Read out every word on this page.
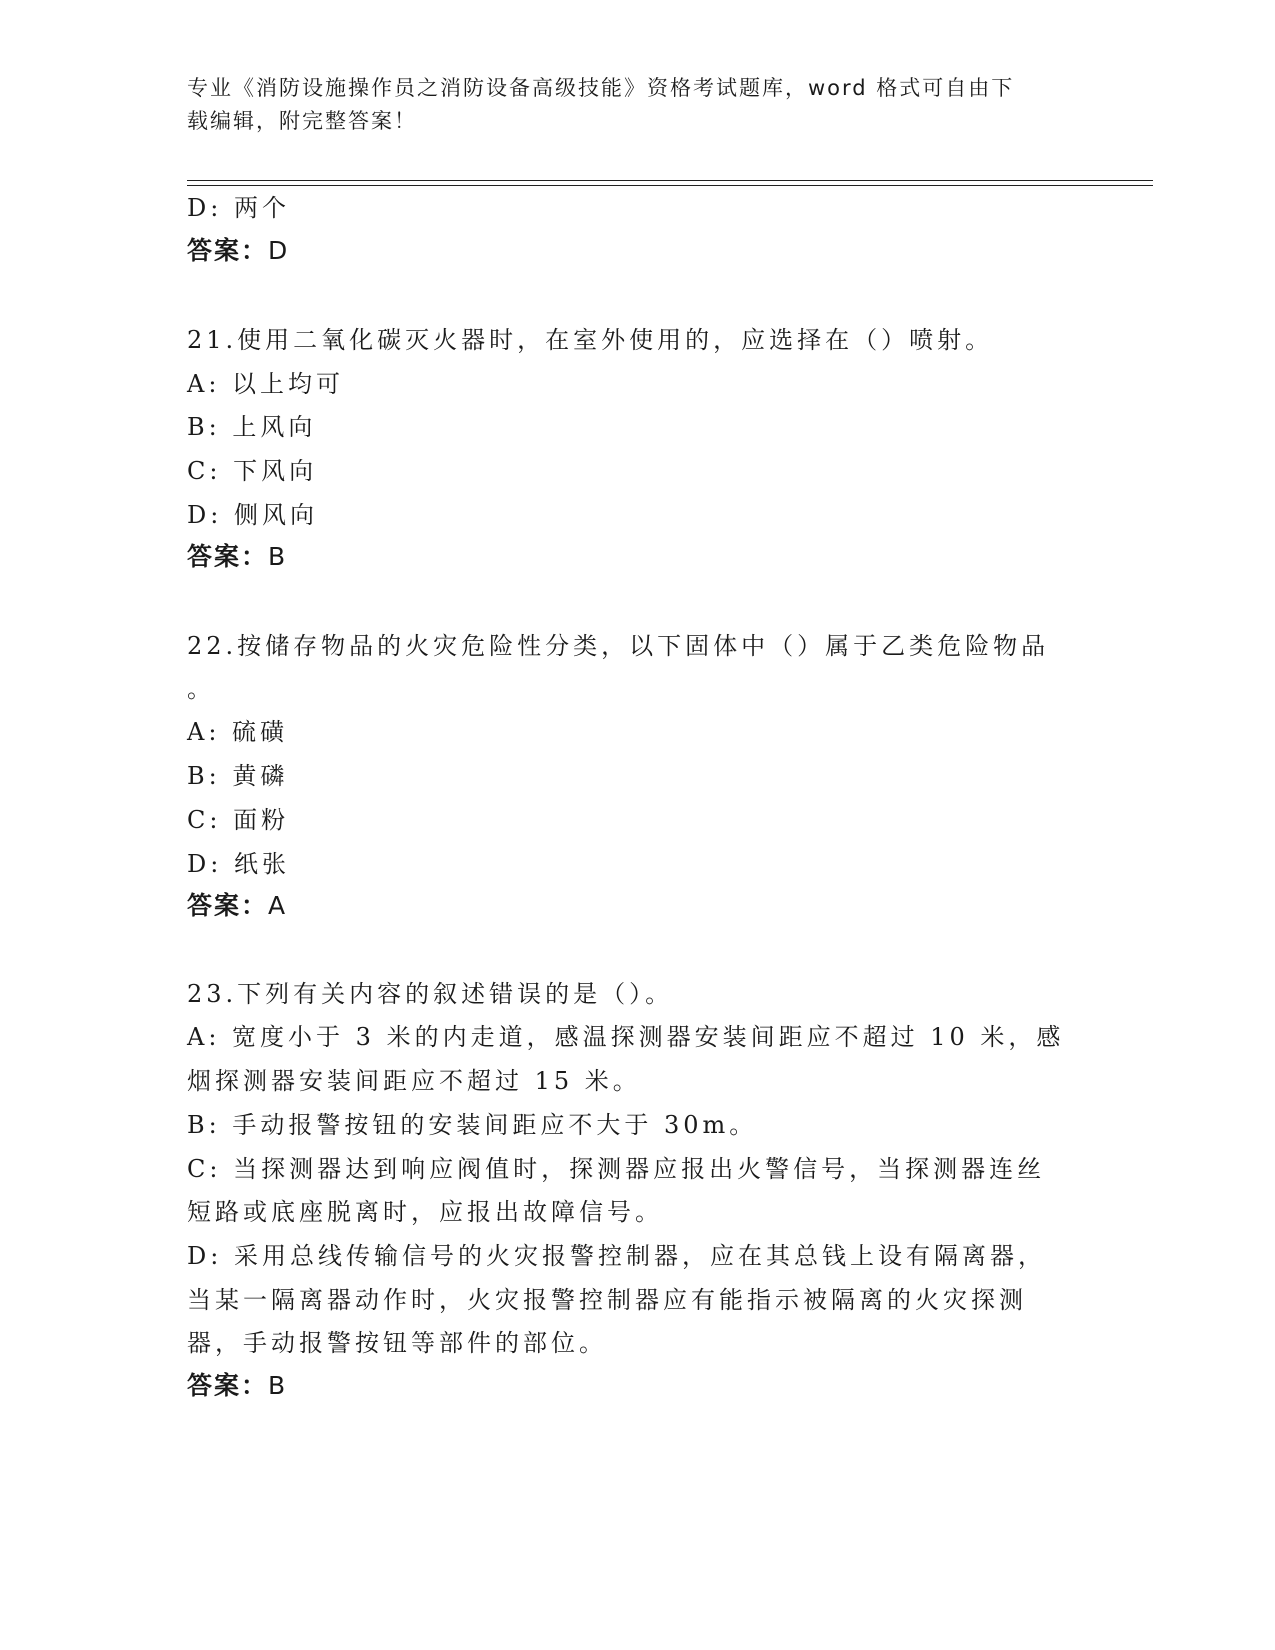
专业《消防设施操作员之消防设备高级技能》资格考试题库，word 格式可自由下
载编辑，附完整答案！
D: 两个
答案：D
21.使用二氧化碳灭火器时，在室外使用的，应选择在（）喷射。
A: 以上均可
B: 上风向
C: 下风向
D: 侧风向
答案：B
22.按储存物品的火灾危险性分类，以下固体中（）属于乙类危险物品
。
A: 硫磺
B: 黄磷
C: 面粉
D: 纸张
答案：A
23.下列有关内容的叙述错误的是（）。
A: 宽度小于 3 米的内走道，感温探测器安装间距应不超过 10 米，感
烟探测器安装间距应不超过 15 米。
B: 手动报警按钮的安装间距应不大于 30m。
C: 当探测器达到响应阀值时，探测器应报出火警信号，当探测器连丝
短路或底座脱离时，应报出故障信号。
D: 采用总线传输信号的火灾报警控制器，应在其总钱上设有隔离器，
当某一隔离器动作时，火灾报警控制器应有能指示被隔离的火灾探测
器，手动报警按钮等部件的部位。
答案：B
